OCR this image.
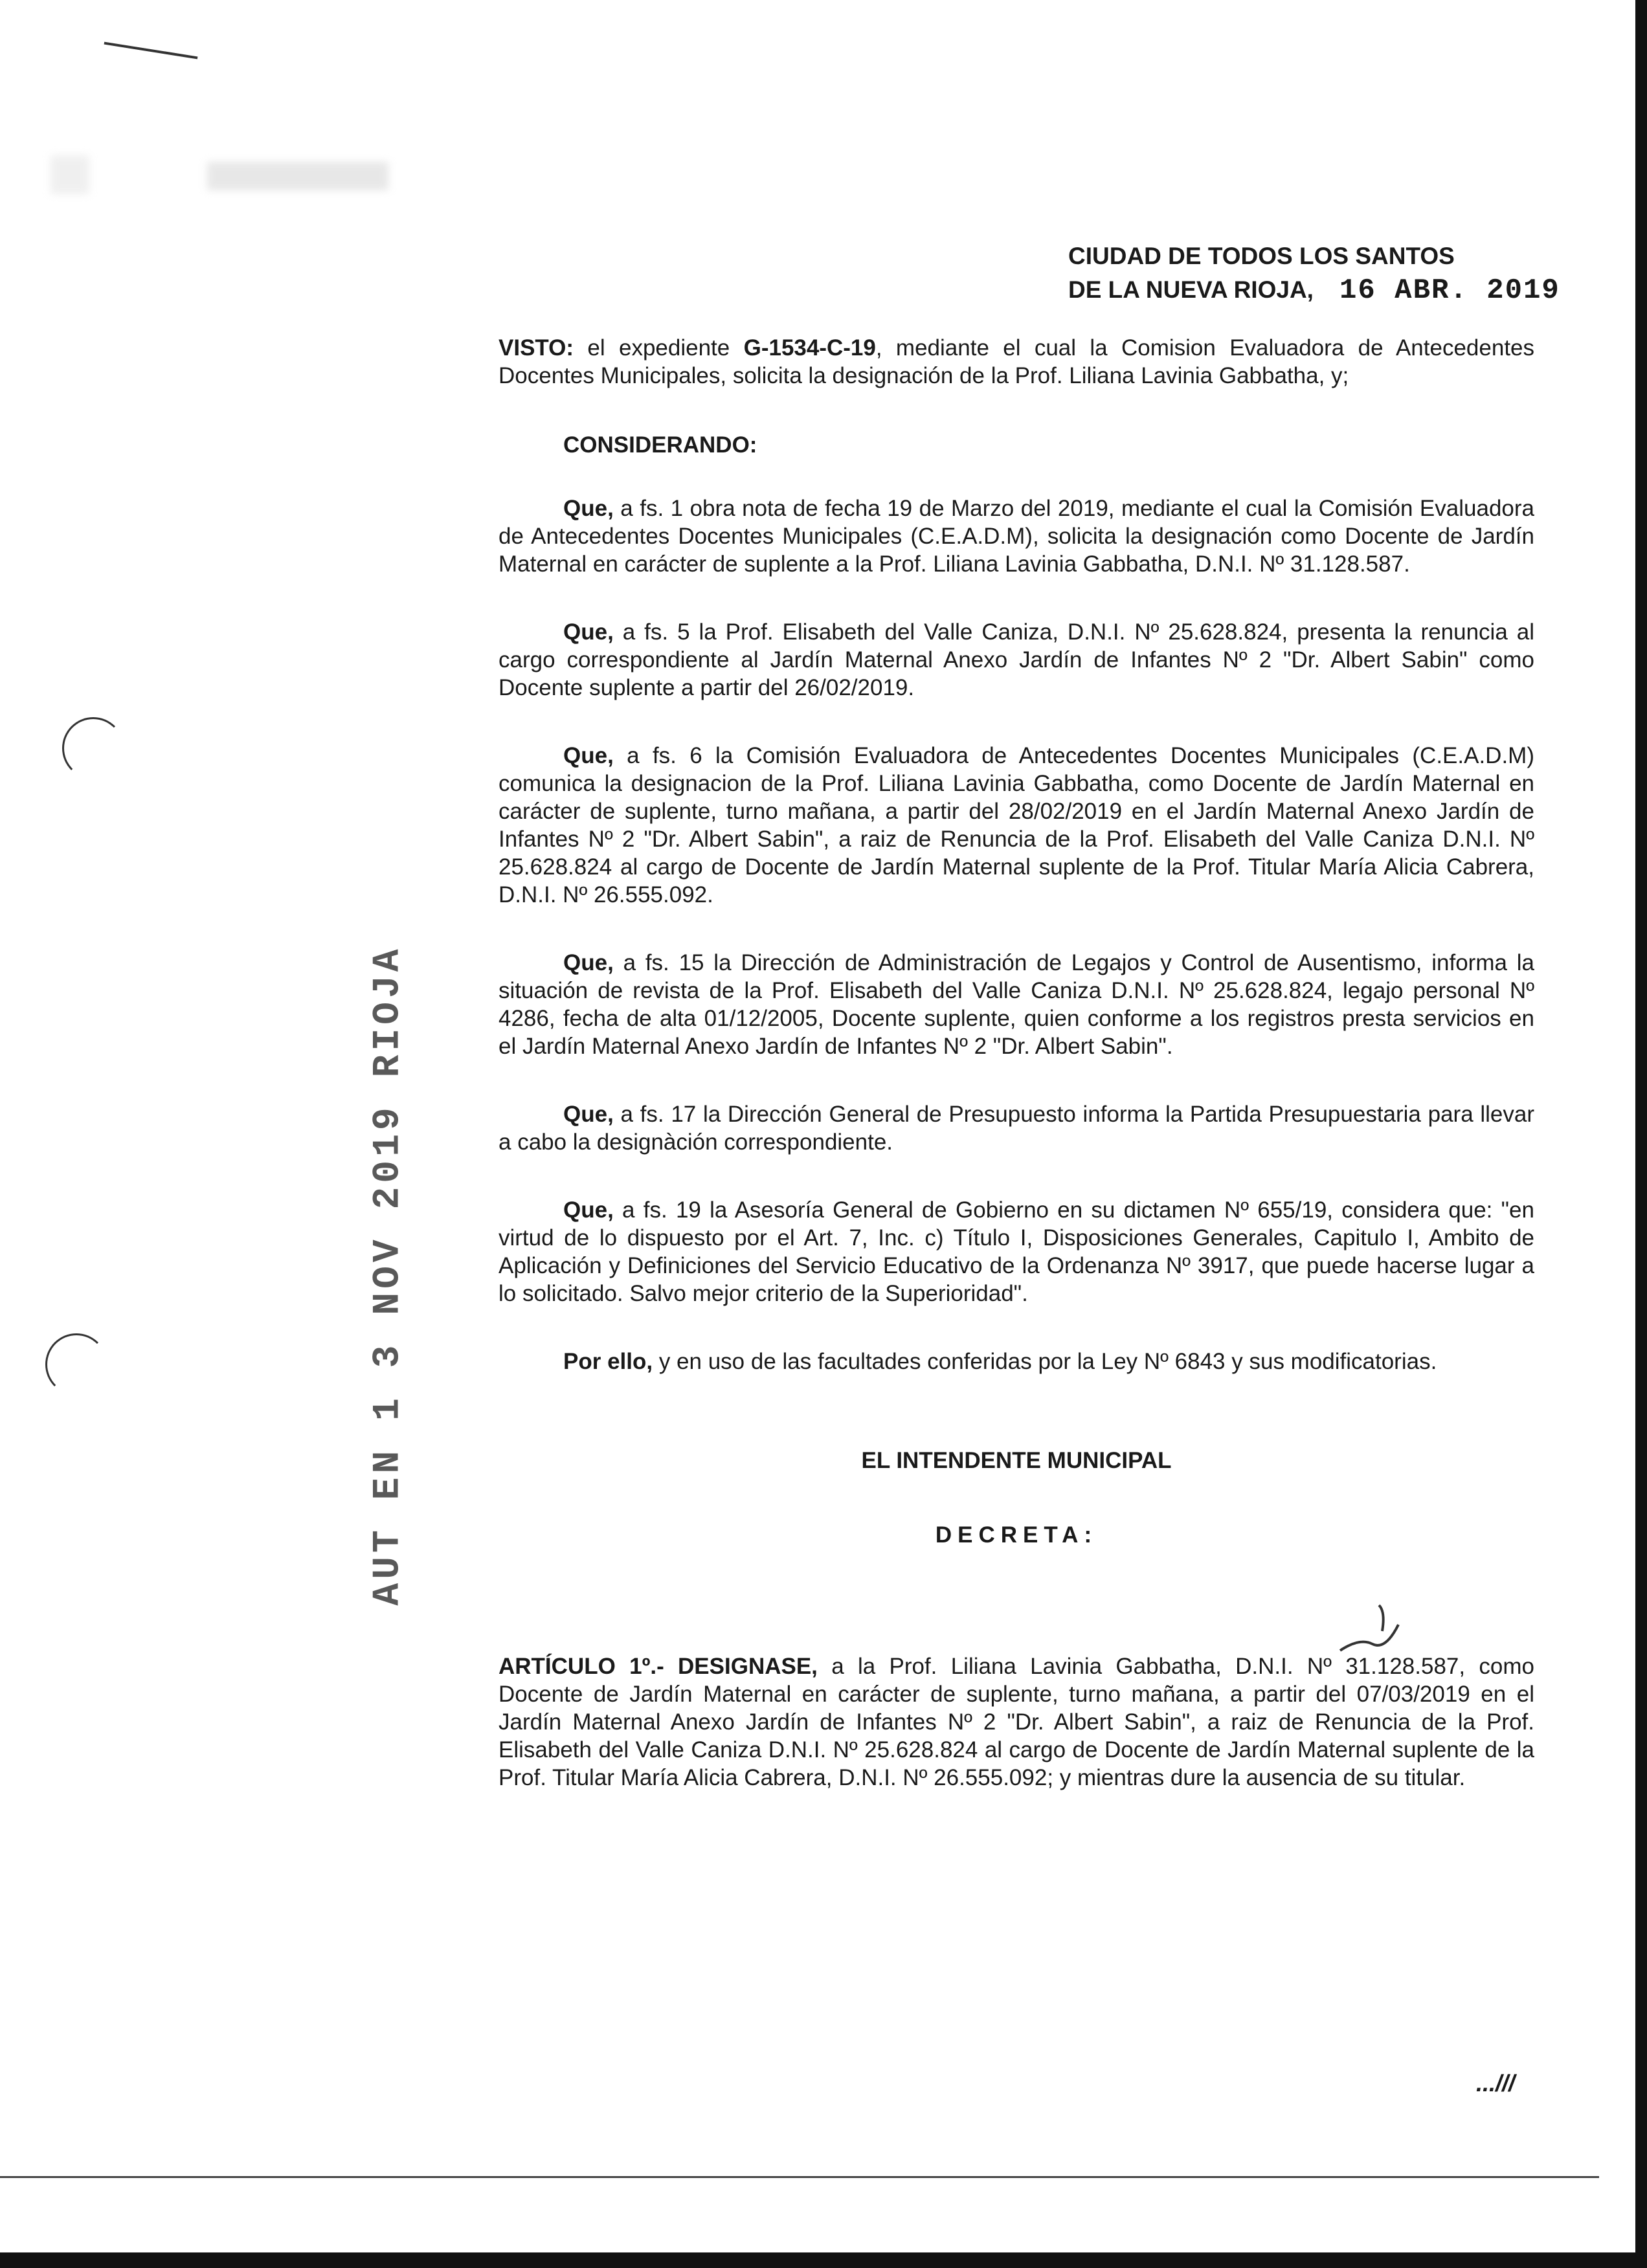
AUT EN 1 3 NOV 2019 RIOJA
CIUDAD DE TODOS LOS SANTOS
DE LA NUEVA RIOJA, 16 ABR. 2019

VISTO: el expediente G-1534-C-19, mediante el cual la Comision Evaluadora de Antecedentes Docentes Municipales, solicita la designación de la Prof. Liliana Lavinia Gabbatha, y;

CONSIDERANDO:

Que, a fs. 1 obra nota de fecha 19 de Marzo del 2019, mediante el cual la Comisión Evaluadora de Antecedentes Docentes Municipales (C.E.A.D.M), solicita la designación como Docente de Jardín Maternal en carácter de suplente a la Prof. Liliana Lavinia Gabbatha, D.N.I. Nº 31.128.587.

Que, a fs. 5 la Prof. Elisabeth del Valle Caniza, D.N.I. Nº 25.628.824, presenta la renuncia al cargo correspondiente al Jardín Maternal Anexo Jardín de Infantes Nº 2 "Dr. Albert Sabin" como Docente suplente a partir del 26/02/2019.

Que, a fs. 6 la Comisión Evaluadora de Antecedentes Docentes Municipales (C.E.A.D.M) comunica la designacion de la Prof. Liliana Lavinia Gabbatha, como Docente de Jardín Maternal en carácter de suplente, turno mañana, a partir del 28/02/2019 en el Jardín Maternal Anexo Jardín de Infantes Nº 2 "Dr. Albert Sabin", a raiz de Renuncia de la Prof. Elisabeth del Valle Caniza D.N.I. Nº 25.628.824 al cargo de Docente de Jardín Maternal suplente de la Prof. Titular María Alicia Cabrera, D.N.I. Nº 26.555.092.

Que, a fs. 15 la Dirección de Administración de Legajos y Control de Ausentismo, informa la situación de revista de la Prof. Elisabeth del Valle Caniza D.N.I. Nº 25.628.824, legajo personal Nº 4286, fecha de alta 01/12/2005, Docente suplente, quien conforme a los registros presta servicios en el Jardín Maternal Anexo Jardín de Infantes Nº 2 "Dr. Albert Sabin".

Que, a fs. 17 la Dirección General de Presupuesto informa la Partida Presupuestaria para llevar a cabo la designàción correspondiente.

Que, a fs. 19 la Asesoría General de Gobierno en su dictamen Nº 655/19, considera que: "en virtud de lo dispuesto por el Art. 7, Inc. c) Título I, Disposiciones Generales, Capitulo I, Ambito de Aplicación y Definiciones del Servicio Educativo de la Ordenanza Nº 3917, que puede hacerse lugar a lo solicitado. Salvo mejor criterio de la Superioridad".

Por ello, y en uso de las facultades conferidas por la Ley Nº 6843 y sus modificatorias.

EL INTENDENTE MUNICIPAL

DECRETA:

ARTÍCULO 1º.- DESIGNASE, a la Prof. Liliana Lavinia Gabbatha, D.N.I. Nº 31.128.587, como Docente de Jardín Maternal en carácter de suplente, turno mañana, a partir del 07/03/2019 en el Jardín Maternal Anexo Jardín de Infantes Nº 2 "Dr. Albert Sabin", a raiz de Renuncia de la Prof. Elisabeth del Valle Caniza D.N.I. Nº 25.628.824 al cargo de Docente de Jardín Maternal suplente de la Prof. Titular María Alicia Cabrera, D.N.I. Nº 26.555.092; y mientras dure la ausencia de su titular.

...///
